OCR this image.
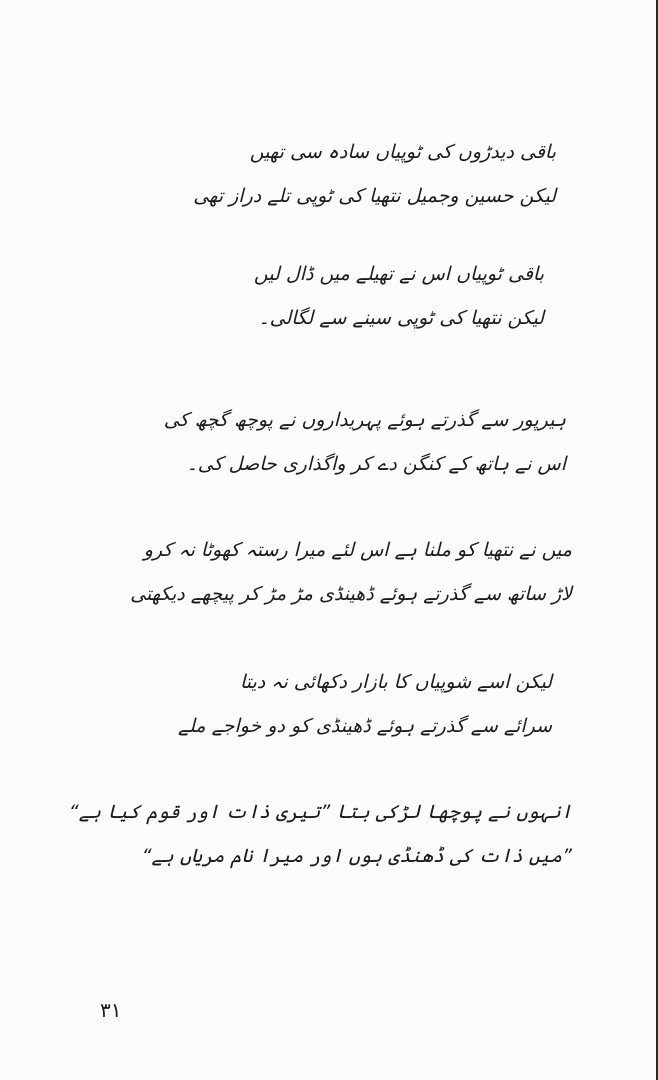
باقی دیدڑوں کی ٹوپیاں سادہ سی تھیں
لیکن حسین وجمیل نتھیا کی ٹوپی تلے دراز تھی
باقی ٹوپیاں اس نے تھیلے میں ڈال لیں
لیکن نتھیا کی ٹوپی سینے سے لگالی۔
ہیرپور سے گذرتے ہوئے پہریداروں نے پوچھ گچھ کی
اس نے ہاتھ کے کنگن دے کر واگذاری حاصل کی۔
میں نے نتھیا کو ملنا ہے اس لئے میرا رستہ کھوٹا نہ کرو
لاڑ ساتھ سے گذرتے ہوئے ڈھینڈی مڑ مڑ کر پیچھے دیکھتی
لیکن اسے شوپیاں کا بازار دکھائی نہ دیتا
سرائے سے گذرتے ہوئے ڈھینڈی کو دو خواجے ملے
انہوں نے پوچھا لڑکی بتا ”تیری ذات اور قوم کیا ہے“
”میں ذات کی ڈھنڈی ہوں اور میرا نام مریاں ہے“
۳۱
